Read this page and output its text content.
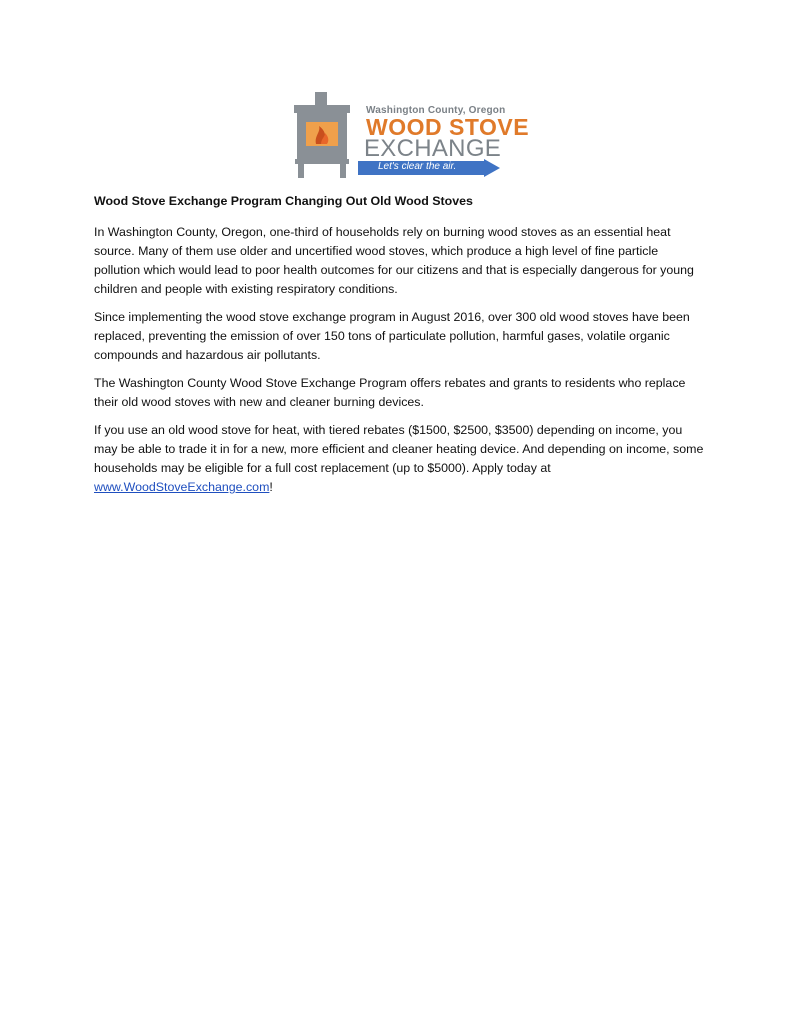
Washington County, Oregon
WOOD STOVE
EXCHANGE
Let's clear the air.

Wood Stove Exchange Program Changing Out Old Wood Stoves

In Washington County, Oregon, one-third of households rely on burning wood stoves as an essential heat source. Many of them use older and uncertified wood stoves, which produce a high level of fine particle pollution which would lead to poor health outcomes for our citizens and that is especially dangerous for young children and people with existing respiratory conditions.

Since implementing the wood stove exchange program in August 2016, over 300 old wood stoves have been replaced, preventing the emission of over 150 tons of particulate pollution, harmful gases, volatile organic compounds and hazardous air pollutants.

The Washington County Wood Stove Exchange Program offers rebates and grants to residents who replace their old wood stoves with new and cleaner burning devices.

If you use an old wood stove for heat, with tiered rebates ($1500, $2500, $3500) depending on income, you may be able to trade it in for a new, more efficient and cleaner heating device. And depending on income, some households may be eligible for a full cost replacement (up to $5000). Apply today at www.WoodStoveExchange.com!
